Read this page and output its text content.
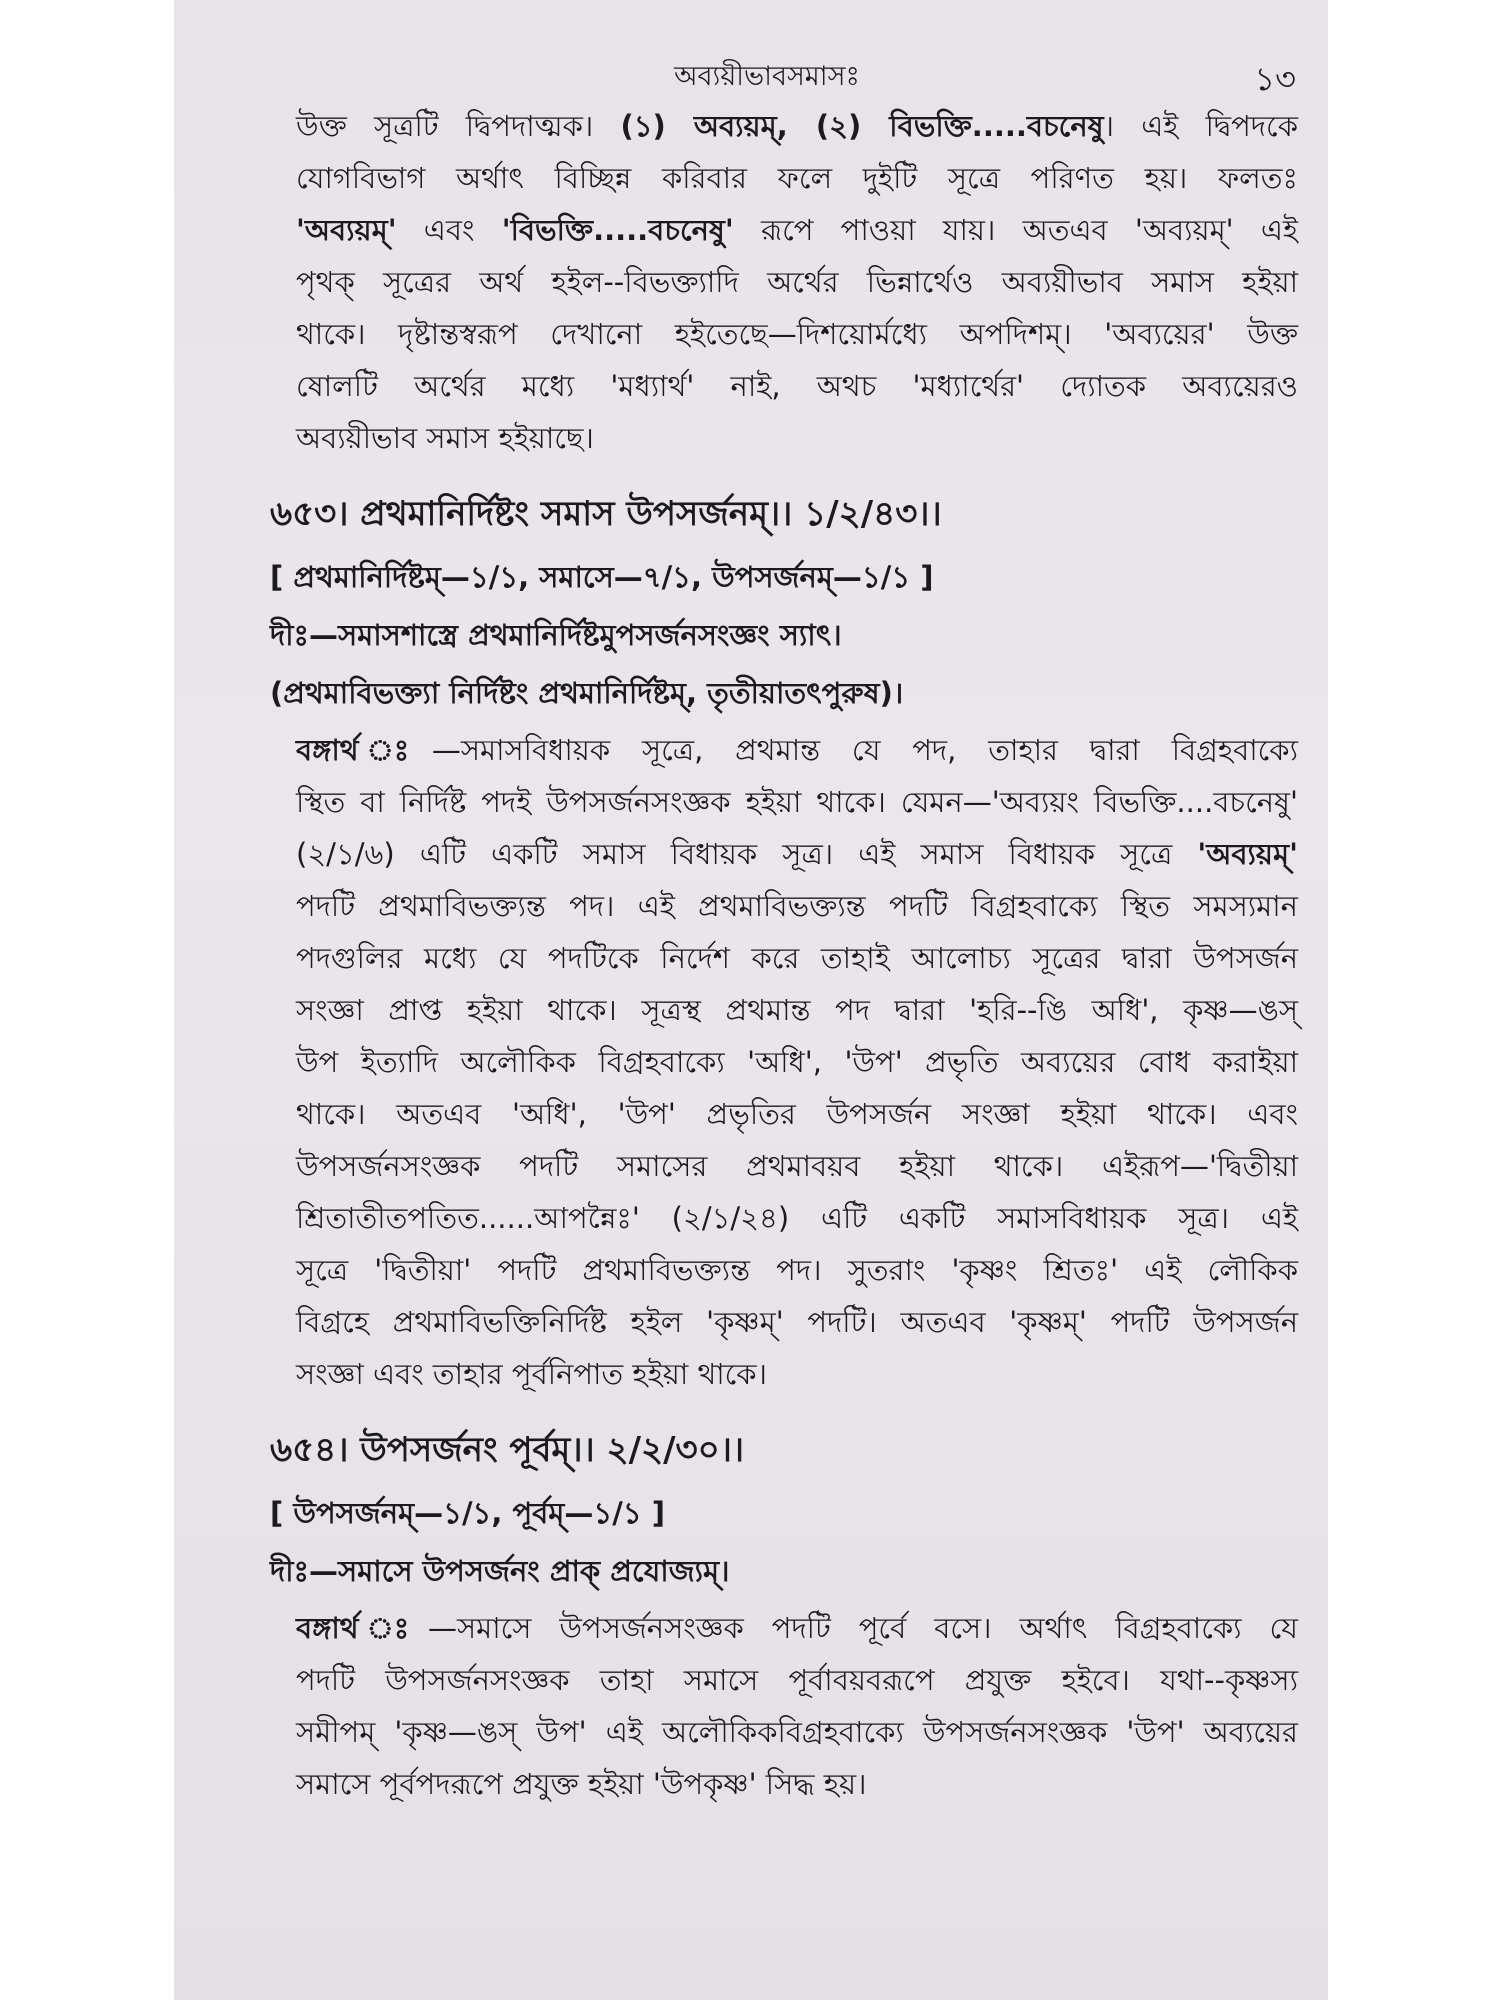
অব্যয়ীভাবসমাসঃ	১৩

উক্ত সূত্রটি দ্বিপদাত্মক। (১) অব্যয়ম্, (২) বিভক্তি.....বচনেষু। এই দ্বিপদকে
যোগবিভাগ অর্থাৎ বিচ্ছিন্ন করিবার ফলে দুইটি সূত্রে পরিণত হয়। ফলতঃ
'অব্যয়ম্' এবং 'বিভক্তি.....বচনেষু' রূপে পাওয়া যায়। অতএব 'অব্যয়ম্' এই
পৃথক্ সূত্রের অর্থ হইল--বিভক্ত্যাদি অর্থের ভিন্নার্থেও অব্যয়ীভাব সমাস হইয়া
থাকে। দৃষ্টান্তস্বরূপ দেখানো হইতেছে—দিশয়োর্মধ্যে অপদিশম্। 'অব্যয়ের' উক্ত
ষোলটি অর্থের মধ্যে 'মধ্যার্থ' নাই, অথচ 'মধ্যার্থের' দ্যোতক অব্যয়েরও
অব্যয়ীভাব সমাস হইয়াছে।

৬৫৩। প্রথমানির্দিষ্টং সমাস উপসর্জনম্।। ১/২/৪৩।।
[ প্রথমানির্দিষ্টম্—১/১, সমাসে—৭/১, উপসর্জনম্—১/১ ]
দীঃ—সমাসশাস্ত্রে প্রথমানির্দিষ্টমুপসর্জনসংজ্ঞং স্যাৎ।
(প্রথমাবিভক্ত্যা নির্দিষ্টং প্রথমানির্দিষ্টম্, তৃতীয়াতৎপুরুষ)।

বঙ্গার্থ ঃ—সমাসবিধায়ক সূত্রে, প্রথমান্ত যে পদ, তাহার দ্বারা বিগ্রহবাক্যে
স্থিত বা নির্দিষ্ট পদই উপসর্জনসংজ্ঞক হইয়া থাকে। যেমন—'অব্যয়ং বিভক্তি....বচনেষু'
(২/১/৬) এটি একটি সমাস বিধায়ক সূত্র। এই সমাস বিধায়ক সূত্রে 'অব্যয়ম্'
পদটি প্রথমাবিভক্ত্যন্ত পদ। এই প্রথমাবিভক্ত্যন্ত পদটি বিগ্রহবাক্যে স্থিত সমস্যমান
পদগুলির মধ্যে যে পদটিকে নির্দেশ করে তাহাই আলোচ্য সূত্রের দ্বারা উপসর্জন
সংজ্ঞা প্রাপ্ত হইয়া থাকে। সূত্রস্থ প্রথমান্ত পদ দ্বারা 'হরি--ঙি অধি', কৃষ্ণ—ঙস্
উপ ইত্যাদি অলৌকিক বিগ্রহবাক্যে 'অধি', 'উপ' প্রভৃতি অব্যয়ের বোধ করাইয়া
থাকে। অতএব 'অধি', 'উপ' প্রভৃতির উপসর্জন সংজ্ঞা হইয়া থাকে। এবং
উপসর্জনসংজ্ঞক পদটি সমাসের প্রথমাবয়ব হইয়া থাকে। এইরূপ—'দ্বিতীয়া
শ্রিতাতীতপতিত......আপন্নৈঃ' (২/১/২৪) এটি একটি সমাসবিধায়ক সূত্র। এই
সূত্রে 'দ্বিতীয়া' পদটি প্রথমাবিভক্ত্যন্ত পদ। সুতরাং 'কৃষ্ণং শ্রিতঃ' এই লৌকিক
বিগ্রহে প্রথমাবিভক্তিনির্দিষ্ট হইল 'কৃষ্ণম্' পদটি। অতএব 'কৃষ্ণম্' পদটি উপসর্জন
সংজ্ঞা এবং তাহার পূর্বনিপাত হইয়া থাকে।

৬৫৪। উপসর্জনং পূর্বম্।। ২/২/৩০।।
[ উপসর্জনম্—১/১, পূর্বম্—১/১ ]
দীঃ—সমাসে উপসর্জনং প্রাক্ প্রযোজ্যম্।

বঙ্গার্থ ঃ—সমাসে উপসর্জনসংজ্ঞক পদটি পূর্বে বসে। অর্থাৎ বিগ্রহবাক্যে যে
পদটি উপসর্জনসংজ্ঞক তাহা সমাসে পূর্বাবয়বরূপে প্রযুক্ত হইবে। যথা--কৃষ্ণস্য
সমীপম্ 'কৃষ্ণ—ঙস্ উপ' এই অলৌকিকবিগ্রহবাক্যে উপসর্জনসংজ্ঞক 'উপ' অব্যয়ের
সমাসে পূর্বপদরূপে প্রযুক্ত হইয়া 'উপকৃষ্ণ' সিদ্ধ হয়।
